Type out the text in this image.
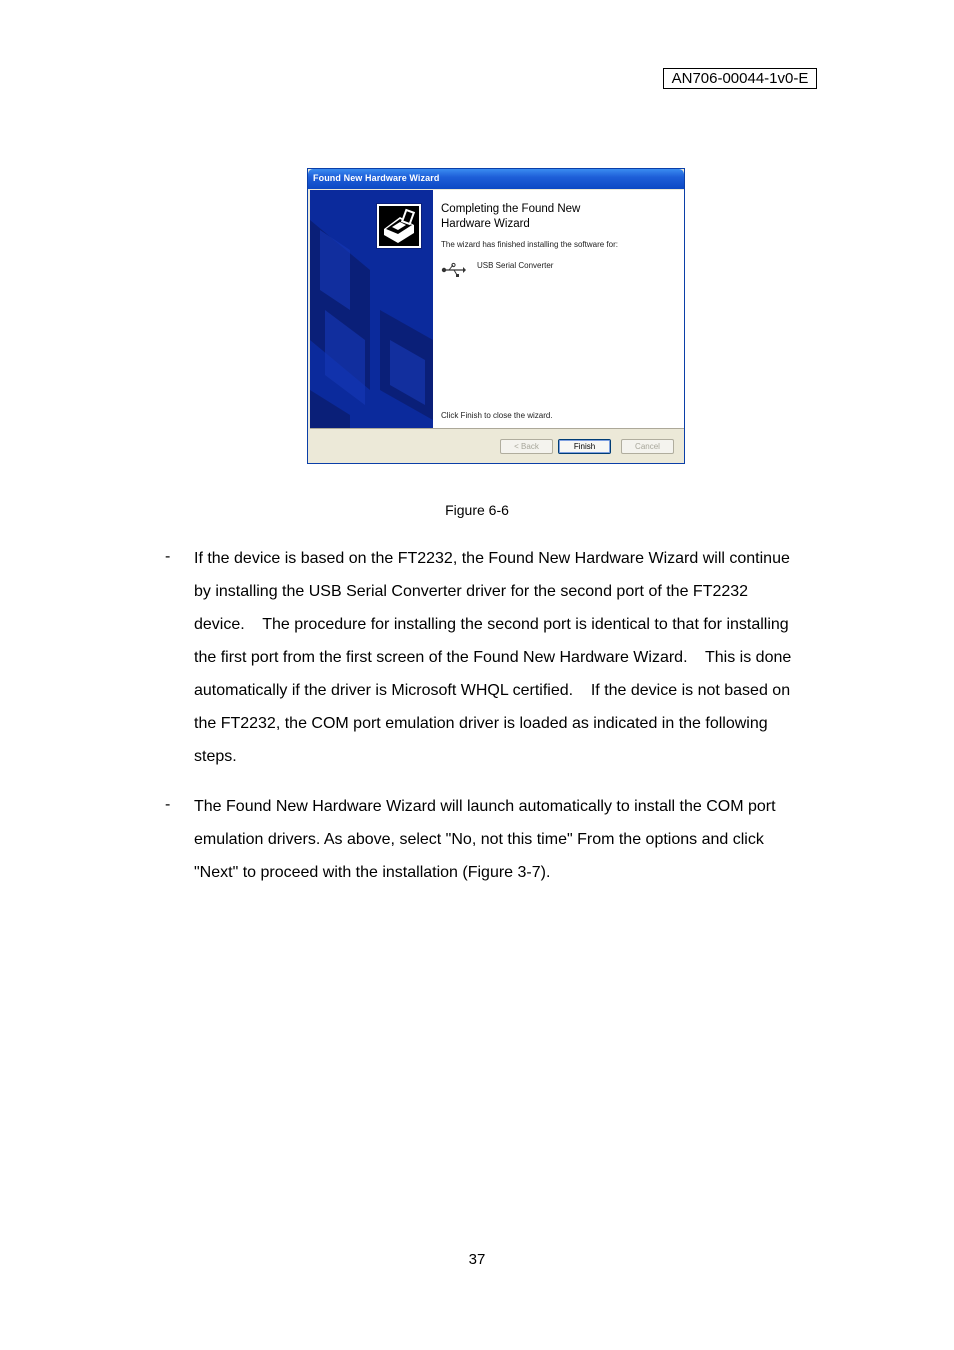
AN706-00044-1v0-E
Found New Hardware Wizard
Completing the Found New Hardware Wizard
The wizard has finished installing the software for:
USB Serial Converter
Click Finish to close the wizard.
< Back	Finish	Cancel
Figure 6-6
- If the device is based on the FT2232, the Found New Hardware Wizard will continue
by installing the USB Serial Converter driver for the second port of the FT2232
device.    The procedure for installing the second port is identical to that for installing
the first port from the first screen of the Found New Hardware Wizard.    This is done
automatically if the driver is Microsoft WHQL certified.    If the device is not based on
the FT2232, the COM port emulation driver is loaded as indicated in the following
steps.
- The Found New Hardware Wizard will launch automatically to install the COM port
emulation drivers. As above, select "No, not this time" From the options and click
"Next" to proceed with the installation (Figure 3-7).
37
